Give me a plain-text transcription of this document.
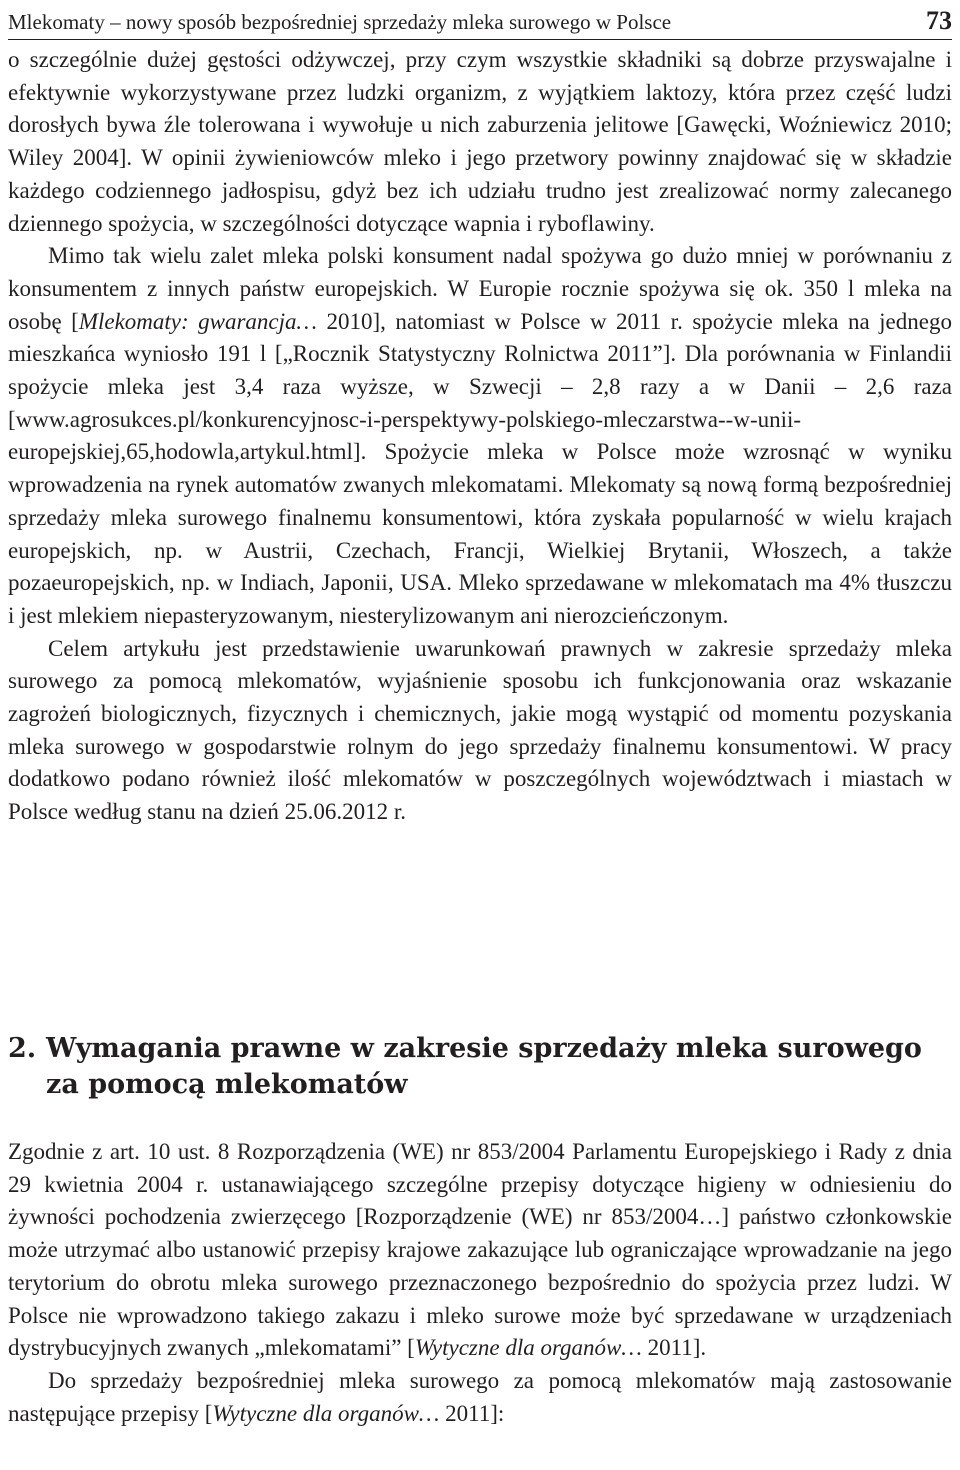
Mlekomaty – nowy sposób bezpośredniej sprzedaży mleka surowego w Polsce	73

o szczególnie dużej gęstości odżywczej, przy czym wszystkie składniki są dobrze przyswajalne i efektywnie wykorzystywane przez ludzki organizm, z wyjątkiem laktozy, która przez część ludzi dorosłych bywa źle tolerowana i wywołuje u nich zaburzenia jelitowe [Gawęcki, Woźniewicz 2010; Wiley 2004]. W opinii żywieniowców mleko i jego przetwory powinny znajdować się w składzie każdego codziennego jadłospisu, gdyż bez ich udziału trudno jest zrealizować normy zalecanego dziennego spożycia, w szczególności dotyczące wapnia i ryboflawiny.

Mimo tak wielu zalet mleka polski konsument nadal spożywa go dużo mniej w porównaniu z konsumentem z innych państw europejskich. W Europie rocznie spożywa się ok. 350 l mleka na osobę [Mlekomaty: gwarancja… 2010], natomiast w Polsce w 2011 r. spożycie mleka na jednego mieszkańca wyniosło 191 l [„Rocznik Statystyczny Rolnictwa 2011”]. Dla porównania w Finlandii spożycie mleka jest 3,4 raza wyższe, w Szwecji – 2,8 razy a w Danii – 2,6 raza [www.agrosukces.pl/konkurencyjnosc-i-perspektywy-polskiego-mleczarstwa--w-unii-europejskiej,65,hodowla,artykul.html]. Spożycie mleka w Polsce może wzrosnąć w wyniku wprowadzenia na rynek automatów zwanych mlekomatami. Mlekomaty są nową formą bezpośredniej sprzedaży mleka surowego finalnemu konsumentowi, która zyskała popularność w wielu krajach europejskich, np. w Austrii, Czechach, Francji, Wielkiej Brytanii, Włoszech, a także pozaeuropejskich, np. w Indiach, Japonii, USA. Mleko sprzedawane w mlekomatach ma 4% tłuszczu i jest mlekiem niepasteryzowanym, niesterylizowanym ani nierozcieńczonym.

Celem artykułu jest przedstawienie uwarunkowań prawnych w zakresie sprzedaży mleka surowego za pomocą mlekomatów, wyjaśnienie sposobu ich funkcjonowania oraz wskazanie zagrożeń biologicznych, fizycznych i chemicznych, jakie mogą wystąpić od momentu pozyskania mleka surowego w gospodarstwie rolnym do jego sprzedaży finalnemu konsumentowi. W pracy dodatkowo podano również ilość mlekomatów w poszczególnych województwach i miastach w Polsce według stanu na dzień 25.06.2012 r.

2. Wymagania prawne w zakresie sprzedaży mleka surowego
za pomocą mlekomatów

Zgodnie z art. 10 ust. 8 Rozporządzenia (WE) nr 853/2004 Parlamentu Europejskiego i Rady z dnia 29 kwietnia 2004 r. ustanawiającego szczególne przepisy dotyczące higieny w odniesieniu do żywności pochodzenia zwierzęcego [Rozporządzenie (WE) nr 853/2004…] państwo członkowskie może utrzymać albo ustanowić przepisy krajowe zakazujące lub ograniczające wprowadzanie na jego terytorium do obrotu mleka surowego przeznaczonego bezpośrednio do spożycia przez ludzi. W Polsce nie wprowadzono takiego zakazu i mleko surowe może być sprzedawane w urządzeniach dystrybucyjnych zwanych „mlekomatami” [Wytyczne dla organów… 2011].

Do sprzedaży bezpośredniej mleka surowego za pomocą mlekomatów mają zastosowanie następujące przepisy [Wytyczne dla organów… 2011]:
